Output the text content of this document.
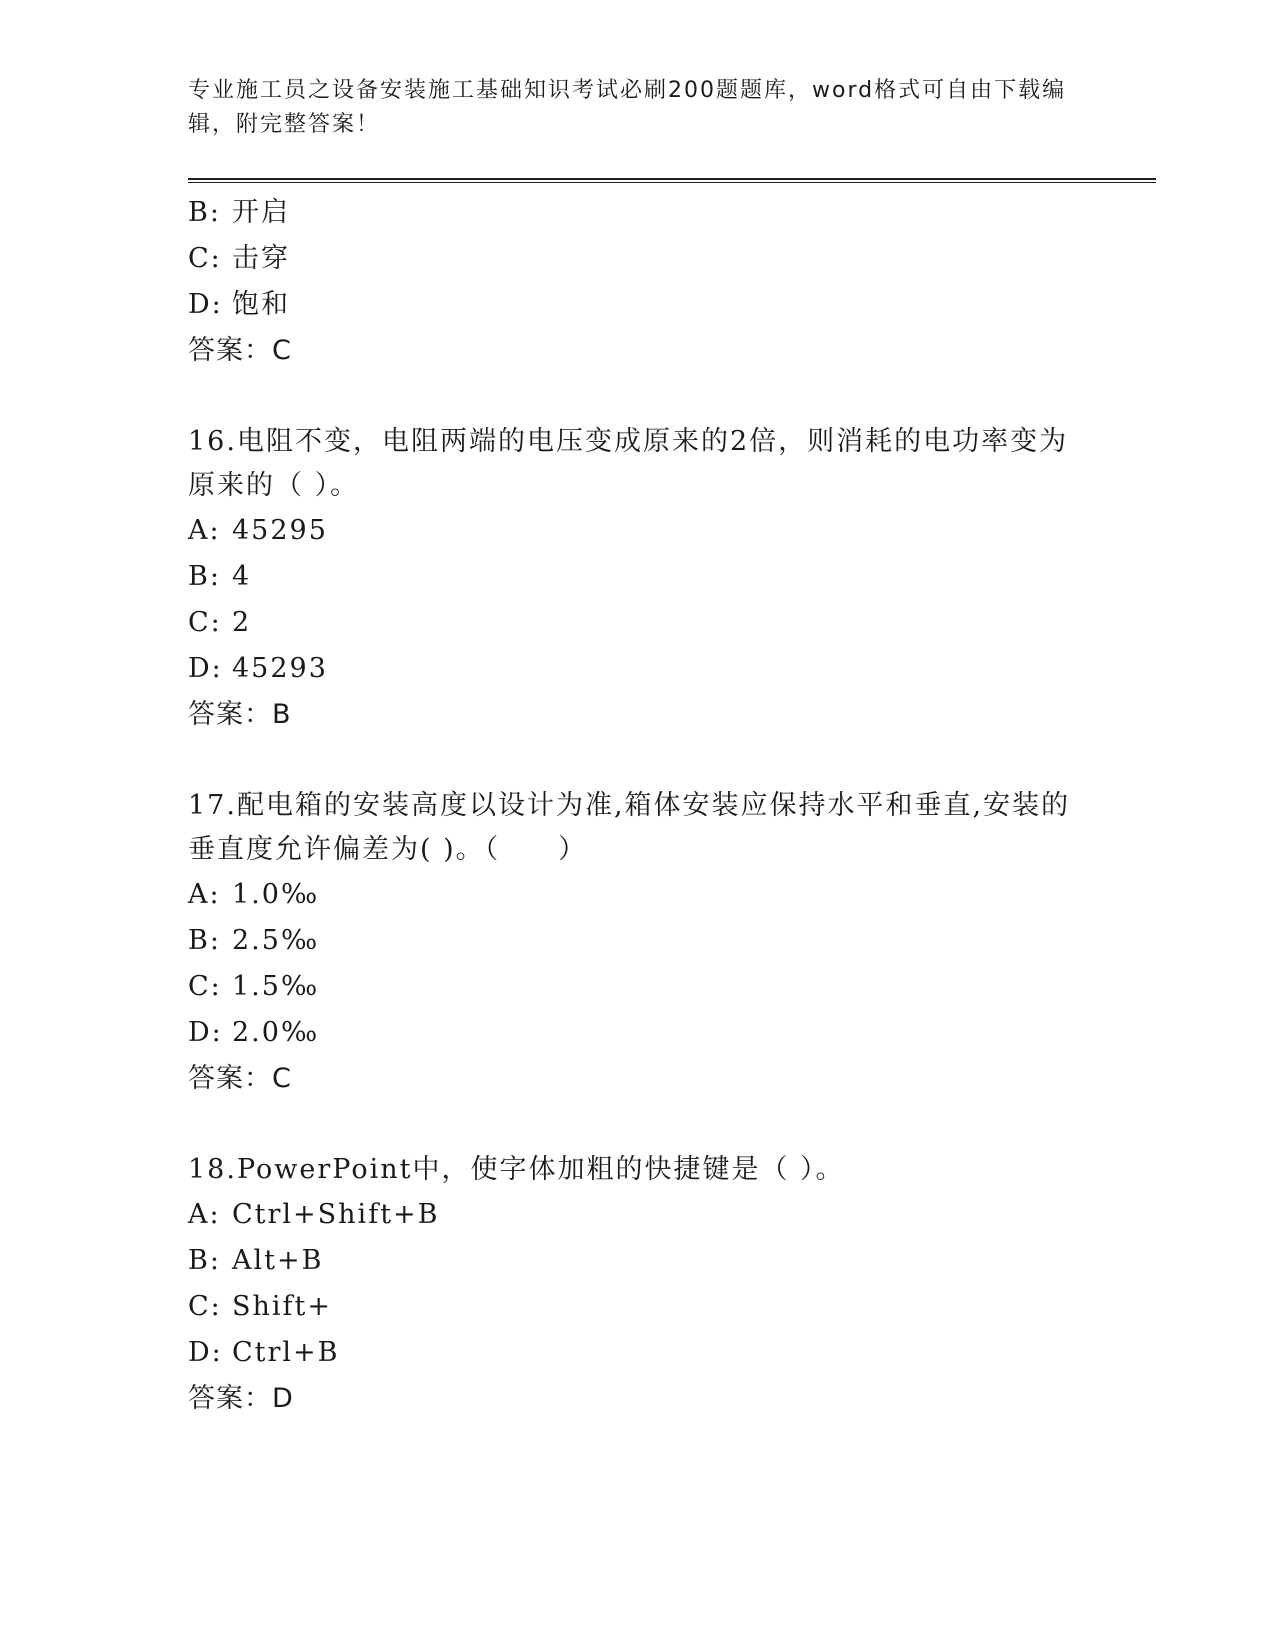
专业施工员之设备安装施工基础知识考试必刷200题题库，word格式可自由下载编辑，附完整答案！
B: 开启
C: 击穿
D: 饱和
答案：C
16.电阻不变，电阻两端的电压变成原来的2倍，则消耗的电功率变为原来的（ ）。
A: 45295
B: 4
C: 2
D: 45293
答案：B
17.配电箱的安装高度以设计为准,箱体安装应保持水平和垂直,安装的垂直度允许偏差为( )。（　　）
A: 1.0‰
B: 2.5‰
C: 1.5‰
D: 2.0‰
答案：C
18.PowerPoint中，使字体加粗的快捷键是（ ）。
A: Ctrl+Shift+B
B: Alt+B
C: Shift+
D: Ctrl+B
答案：D
